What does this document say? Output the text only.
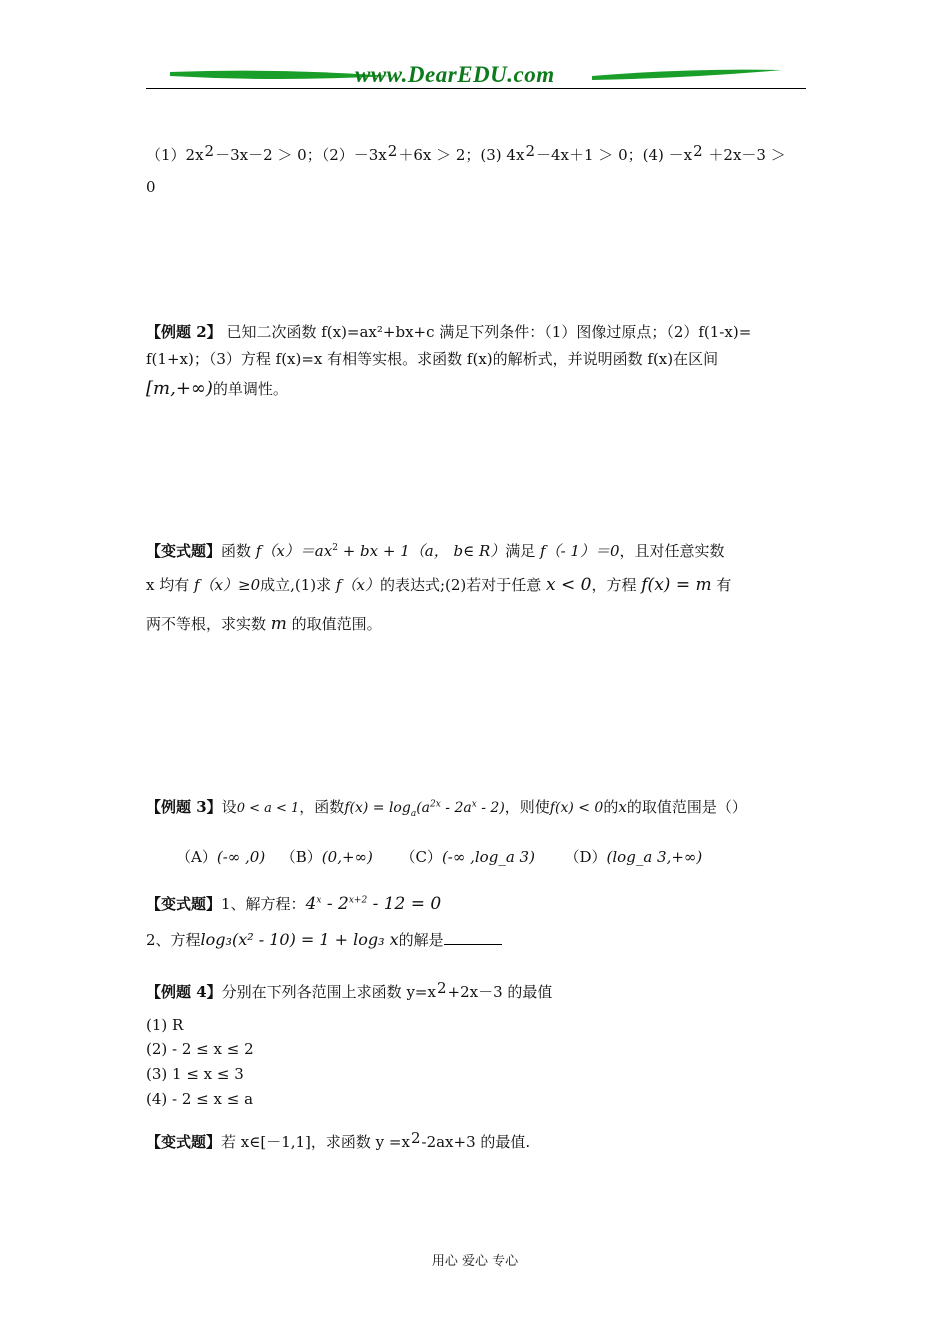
www.DearEDU.com
$(1)2x^2-3x-2 > 0$；$(2)-3x^2+6x > 2$；(3) $4x^2-4x+1 > 0$；$(4) -x^2 +2x-3$ ＞
0
【例题 2】 已知二次函数 f(x)=ax²+bx+c 满足下列条件：（1）图像过原点；（2）f(1-x)=
f(1+x)；（3）方程 f(x)=x 有相等实根。求函数 f(x)的解析式，并说明函数 f(x)在区间
[m,+∞)的单调性。
【变式题】函数 $f(x)=ax^2$ + bx + 1（a， b∈ R）满足 f（- 1）＝0，且对任意实数
x 均有 f（x）≥0成立,(1)求 f（x）的表达式;(2)若对于任意 x < 0，方程 f(x) = m 有
两不等根，求实数 m 的取值范围。
【例题 3】设0 < a < 1，函数$f(x) = \log_a(a^{2x} - 2a^x - 2)$，则使f(x) < 0的x的取值范围是（）
（A）(-∞ ,0) （B）(0,+∞) （C）(-∞ ,log_a 3) （D）(log_a 3,+∞)
【变式题】1、解方程：$4^x - 2^{x+2} - 12 = 0$
2、方程log₃(x² - 10) = 1 + log₃ x的解是
【例题 4】分别在下列各范围上求函数 $y=x^2+2x-3$ 的最值
(1) R
(2) - 2 ≤ x ≤ 2
(3) 1 ≤ x ≤ 3
(4) - 2 ≤ x ≤ a
【变式题】若 x∈[－1,1]，求函数 $y =x^2-2ax+3$ 的最值.
用心 爱心 专心
